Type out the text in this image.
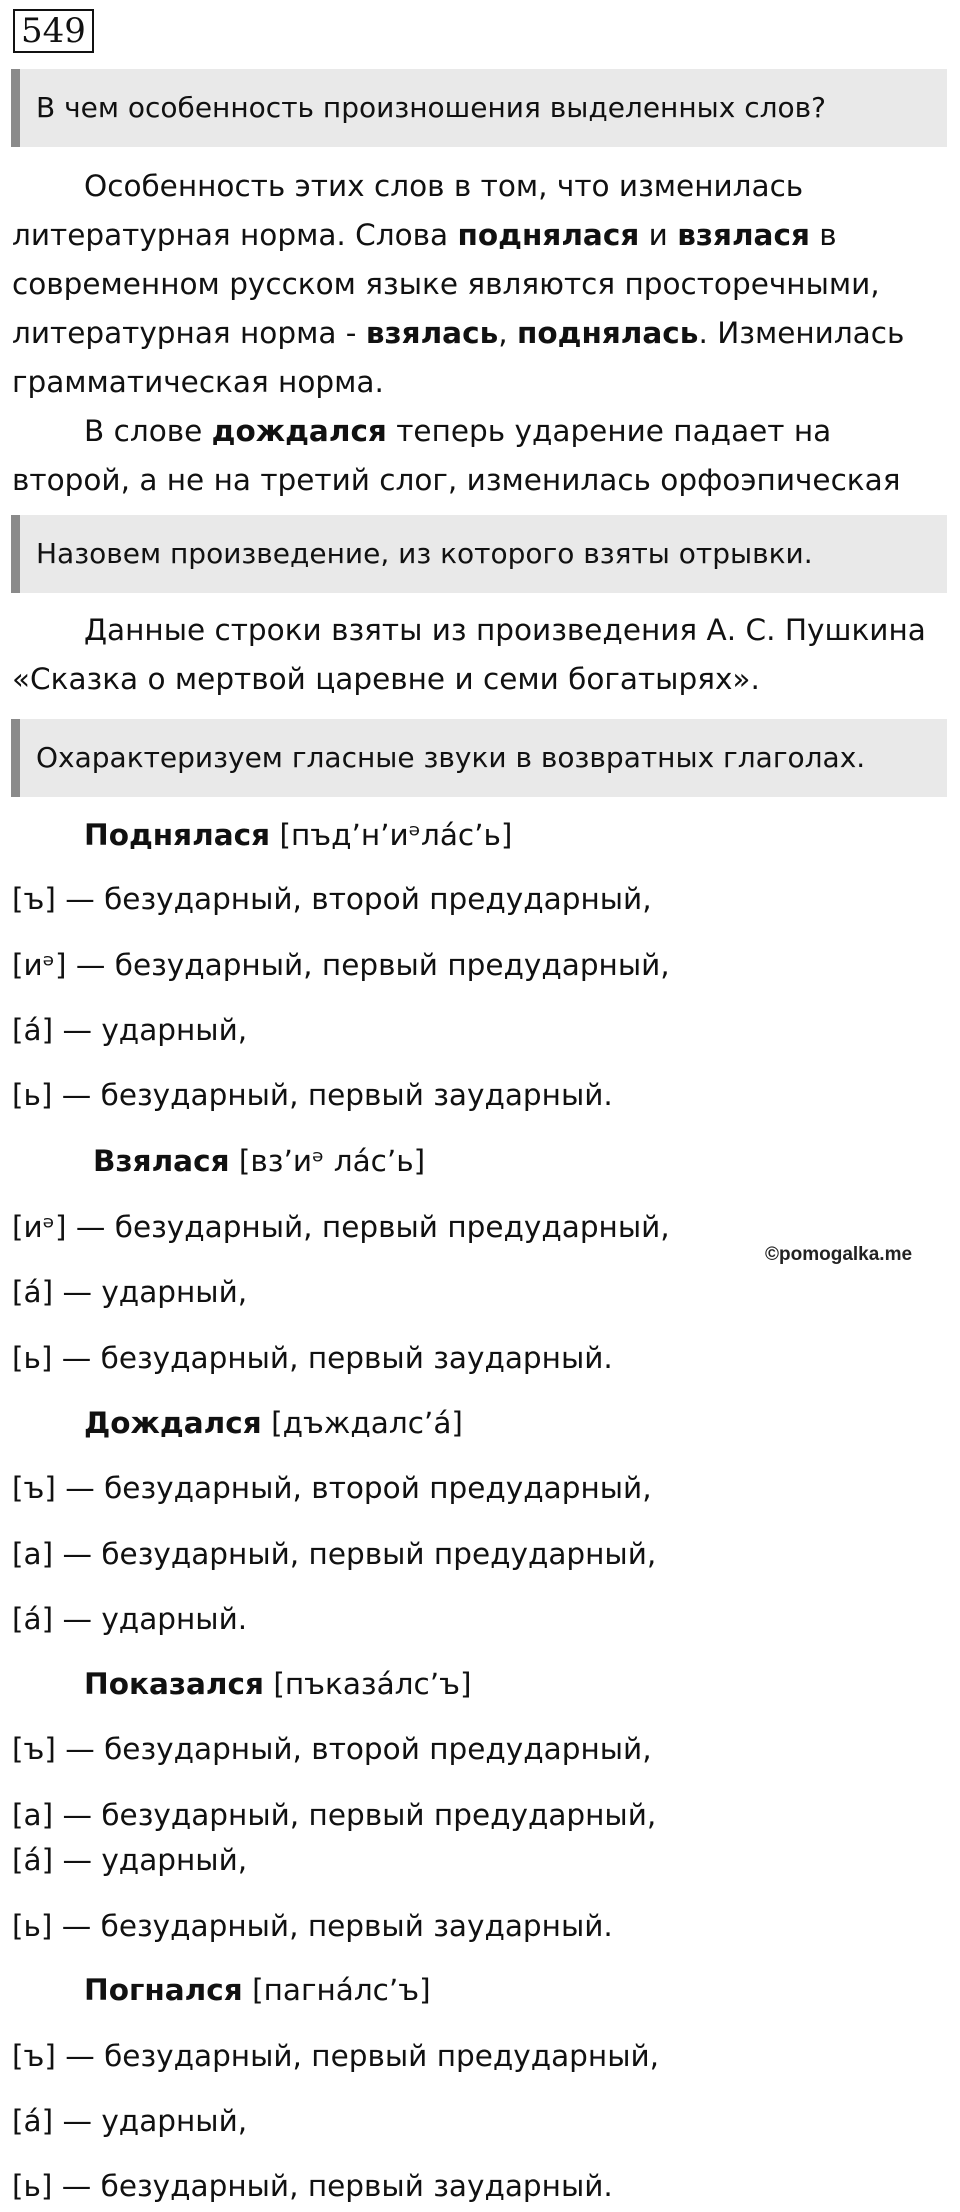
549
В чем особенность произношения выделенных слов?

Особенность этих слов в том, что изменилась литературная норма. Слова поднялася и взялася в современном русском языке являются просторечными, литературная норма - взялась, поднялась. Изменилась грамматическая норма.

В слове дождался теперь ударение падает на второй, а не на третий слог, изменилась орфоэпическая

Назовем произведение, из которого взяты отрывки.

Данные строки взяты из произведения А. С. Пушкина «Сказка о мертвой царевне и семи богатырях».

Охарактеризуем гласные звуки в возвратных глаголах.
Поднялася [пъд’н’иᵊла́с’ь]
[ъ] — безударный, второй предударный,
[иᵊ] — безударный, первый предударный,
[а́] — ударный,
[ь] — безударный, первый заударный.
Взялася [вз’иᵊ ла́с’ь]
[иᵊ] — безударный, первый предударный,
[а́] — ударный,
[ь] — безударный, первый заударный.
©pomogalka.me
Дождался [дъждалс’а́]
[ъ] — безударный, второй предударный,
[а] — безударный, первый предударный,
[а́] — ударный.
Показался [пъказа́лс’ъ]
[ъ] — безударный, второй предударный,
[а] — безударный, первый предударный,
[а́] — ударный,
[ь] — безударный, первый заударный.
Погнался [пагна́лс’ъ]
[ъ] — безударный, первый предударный,
[а́] — ударный,
[ь] — безударный, первый заударный.
